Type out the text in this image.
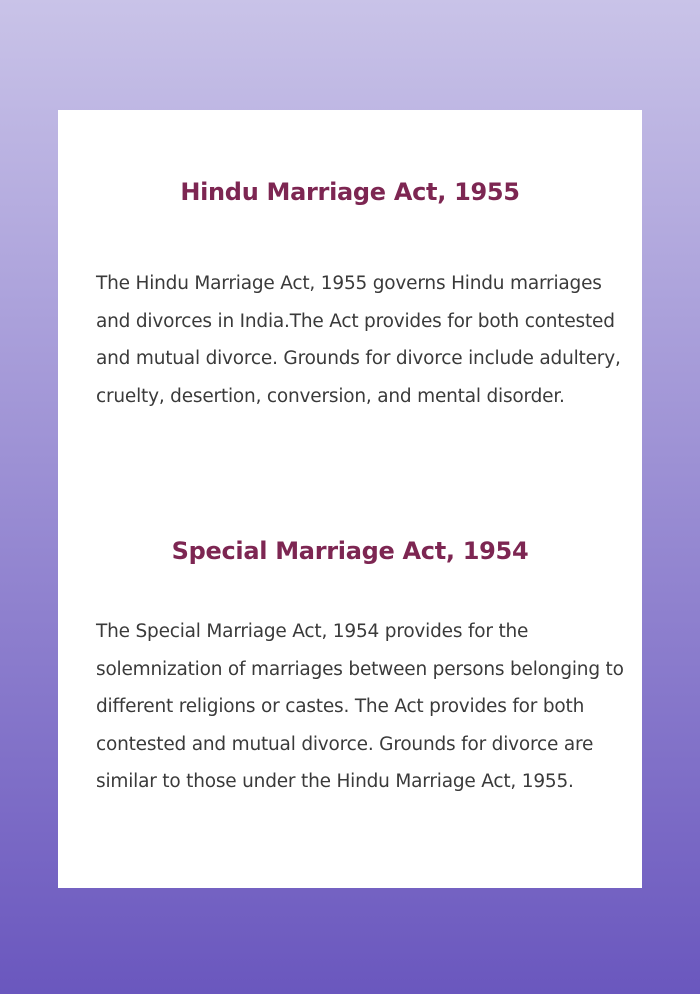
Hindu Marriage Act, 1955

The Hindu Marriage Act, 1955 governs Hindu marriages and divorces in India.The Act provides for both contested and mutual divorce. Grounds for divorce include adultery, cruelty, desertion, conversion, and mental disorder.

Special Marriage Act, 1954

The Special Marriage Act, 1954 provides for the solemnization of marriages between persons belonging to different religions or castes. The Act provides for both contested and mutual divorce. Grounds for divorce are similar to those under the Hindu Marriage Act, 1955.
